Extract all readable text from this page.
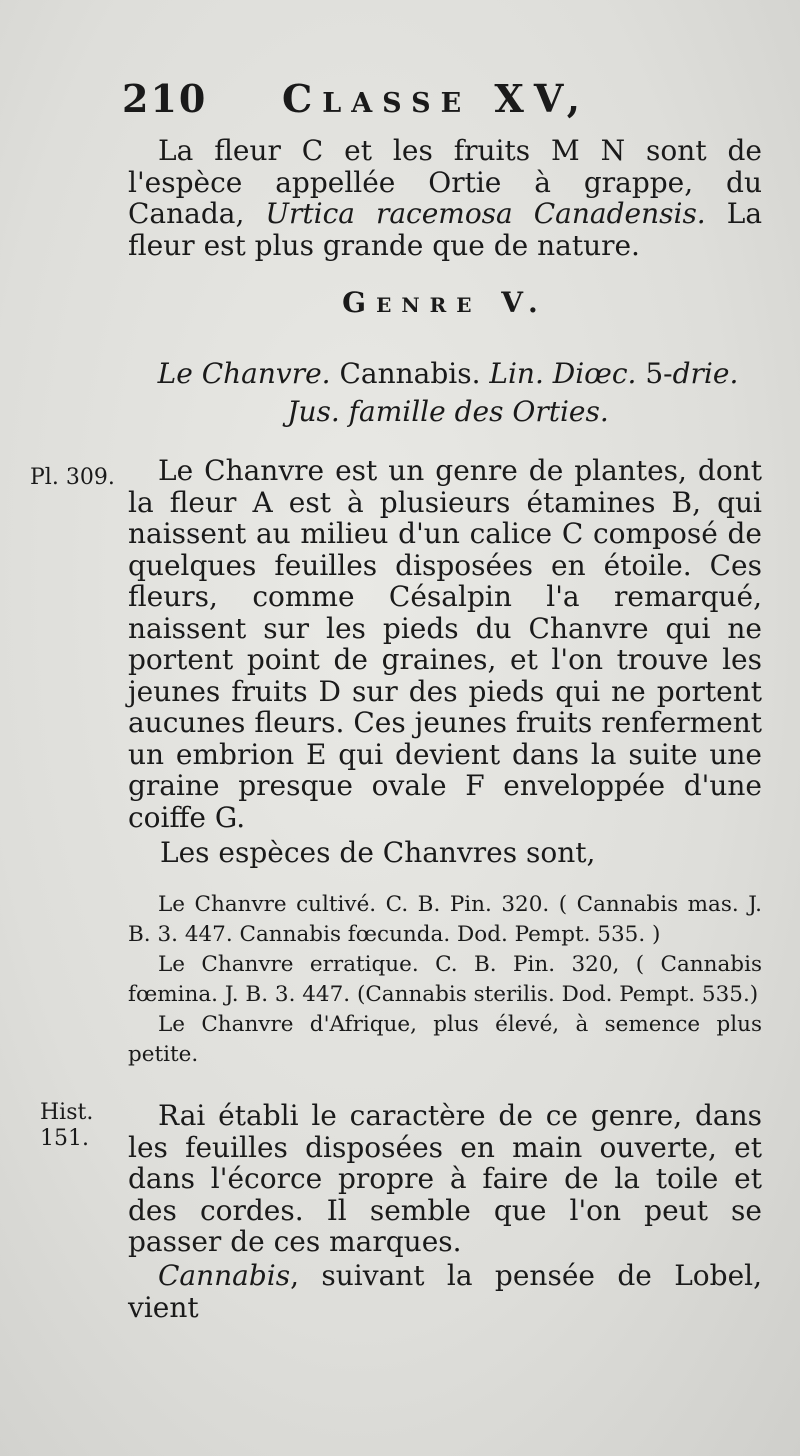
210 Classe XV,

La fleur C et les fruits M N sont de l'espèce appellée Ortie à grappe, du Canada, Urtica racemosa Canadensis. La fleur est plus grande que de nature.

Genre V.
Le Chanvre. Cannabis. Lin. Diœc. 5-drie. Jus. famille des Orties.
Pl. 309.	Le Chanvre est un genre de plantes, dont la fleur A est à plusieurs étamines B, qui naissent au milieu d'un calice C composé de quelques feuilles disposées en étoile. Ces fleurs, comme Césalpin l'a remarqué, naissent sur les pieds du Chanvre qui ne portent point de graines, et l'on trouve les jeunes fruits D sur des pieds qui ne portent aucunes fleurs. Ces jeunes fruits renferment un embrion E qui devient dans la suite une graine presque ovale F enveloppée d'une coiffe G.

Les espèces de Chanvres sont,

Le Chanvre cultivé. C. B. Pin. 320. ( Cannabis mas. J. B. 3. 447. Cannabis fœcunda. Dod. Pempt. 535. )

Le Chanvre erratique. C. B. Pin. 320, ( Cannabis fœmina. J. B. 3. 447. (Cannabis sterilis. Dod. Pempt. 535.)

Le Chanvre d'Afrique, plus élevé, à semence plus petite.

Hist.
151.

Rai établi le caractère de ce genre, dans les feuilles disposées en main ouverte, et dans l'écorce propre à faire de la toile et des cordes. Il semble que l'on peut se passer de ces marques.

Cannabis, suivant la pensée de Lobel, vient
